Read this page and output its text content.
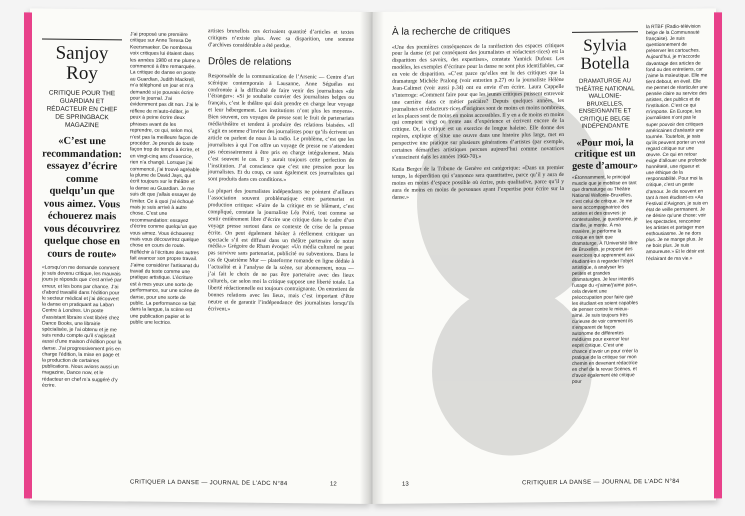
Sanjoy
Roy
CRITIQUE POUR THE GUARDIAN ET RÉDACTEUR EN CHEF DE SPRINGBACK MAGAZINE
«C’est une recommandation: essayez d’écrire comme quelqu’un que vous aimez. Vous échouerez mais vous découvrirez quelque chose en cours de route»
«Lorsqu’on me demande comment je suis devenu critique, les mauvais jours je réponds que c’est arrivé par erreur, et les bons par chance. J’ai d’abord travaillé dans l’édition pour le secteur médical et j’ai découvert la danse en pratiquant au Laban Centre à Londres. Un poste d’assistant libraire s’est libéré chez Dance Books, une librairie spécialisée, je l’ai obtenu et je me suis rendu compte qu’il s’agissait aussi d’une maison d’édition pour la danse. J’ai progressivement pris en charge l’édition, la mise en page et la production de certaines publications. Nous avions aussi un magazine, Dance now, et le rédacteur en chef m’a suggéré d’y écrire.
J’ai proposé une première critique sur Anne Teresa De Keersmaeker. De nombreux voix critiques lui étaient dans les années 1980 et me plume a commencé à être remarquée. La critique de danse en poste au Guardian, Judith Mackrell, m’a téléphoné un jour et m’a demandé si je pouvais écrire pour le journal. J’ai évidemment pas dit non. J’ai le réflexe de m’auto-éditer, je peux à peine écrire deux phrases avant de les reprendre, ce qui, selon moi, n’est pas la meilleure façon de procéder. Je prends de toute façon trop de temps à écrire, et en vingt-cinq ans d’exercice, rien n’a changé. Lorsque j’ai commencé, j’ai trouvé agréable la plume de David Jays, qui écrit toujours sur le théâtre et la danse au Guardian. Je me suis dit que j’allais essayer de l’imiter. Ce à quoi j’ai échoué mais je suis arrivé à autre chose. C’est une recommandation: essayez d’écrire comme quelqu’un que vous aimez. Vous échouerez mais vous découvrirez quelque chose en cours de route. Réfléchir à l’écriture des autres fait avancer son propre travail. J’aime considérer l’artisanat du travail du texte comme une pratique artistique. L’écriture est à mes yeux une sorte de performance, sur une scène de danse, pour une sorte de public. La performance se fait dans la langue, la scène est une publication papier et le public une lectrice.

artistes bruxellois ces écrivaient quantité d’articles et textes critiques n’existe plus. Avec sa disparition, une somme d’archives considérable a été perdue.

Drôles de relations

Responsable de la communication de l’Arsenic — Centre d’art scénique contemporain à Lausanne, Anne Séguélas est confrontée à la difficulté de faire venir des journalistes «de l’étranger»: «Si je souhaite convier des journalistes belges ou français, c’est le théâtre qui doit prendre en charge leur voyage et leur hébergement. Les institutions n’ont plus les moyens». Bien souvent, ces voyages de presse sont le fruit de partenariats média/théâtre et tendent à produire des relations biaisées. «Il s’agit en somme d’inviter des journalistes pour qu’ils écrivent un article ou parlent de nous à la radio. Le problème, c’est que les journalistes à qui l’on offre un voyage de presse ne s’attendent pas nécessairement à être pris en charge intégralement. Mais c’est souvent le cas. Il y aurait toujours cette perfection de l’institution. J’ai conscience que c’est une pression pour les journalistes. Et du coup, ce sont également ces journalistes qui sont produits dans ces conditions.»

La plupart des journalistes indépendants ne pointent d’ailleurs l’association souvent problématique entre partenariat et production critique: «Faire de la critique en se blâmant, c’est compliqué, constate la journaliste Léa Poiré, tout comme se sentir entièrement libre d’écrire une critique dans le cadre d’un voyage presse surtout dans ce contexte de crise de la presse écrite. On peut également hésiter à réellement critiquer un spectacle s’il est diffusé dans un théâtre partenaire de notre média.» Grégoire de Rham évoque: «Un média culturel ne peut pas survivre sans partenariat, publicité ou subventions. Dans le cas de Quatrième Mur — plateforme romande en ligne dédiée à l’actualité et à l’analyse de la scène, sur abonnement, nous — j’ai fait le choix de ne pas être partenaire avec des lieux culturels, car selon moi la critique suppose une liberté totale. La liberté rédactionnelle est toujours contraignante. On entretient de bonnes relations avec les lieux, mais c’est important d’être neutre et de garantir l’indépendance des journalistes lorsqu’ils écrivent.»

CRITIQUER LA DANSE — JOURNAL DE L’ADC N°84	12
À la recherche de critiques

«Une des premières conséquences de la raréfaction des espaces critiques pour la danse (et par conséquent des journalistes et rédacteurs·rices) est la disparition des savoirs, des expertises», constate Yannick Dufour. Les modèles, les exemples d’écriture pour la danse ne sont plus identifiables, car en voie de disparition. «C’est parce qu’elles ont lu des critiques que la dramaturge Michèle Pralong (voir entretien p.27) ou la journaliste Hélène Jean-Calimet (voir aussi p.34) ont eu envie d’en écrire. Laura Cappelle s’interroge: «Comment faire pour que les jeunes critiques puissent entrevoir une carrière dans ce métier précaire? Depuis quelques années, les journalistes et rédacteurs·rices d’origines sont de moins en moins nombreux et les places sont de moins en moins accessibles. Il y en a de moins en moins qui comptent vingt ou trente ans d’expérience et écrivent encore de la critique. Or, la critique est un exercice de longue haleine. Elle donne des repères, explique et situe une œuvre dans une histoire plus large, met en perspective une pratique sur plusieurs générations d’artistes (par exemple, certaines démarches artistiques percues aujourd’hui comme novatrices s’enracinent dans les années 1960-70).»

Katia Berger de la Tribune de Genève est catégorique: «Dans un premier temps, la déperdition qui s’annonce sera quantitative, parce qu’il y aura de moins en moins d’espace possible où écrire, puis qualitative, parce qu’il y aura de moins en moins de personnes ayant l’expertise pour écrire sur la danse.»

Sylvia
Botella
DRAMATURGE AU THÉÂTRE NATIONAL WALLONIE-BRUXELLES, ENSEIGNANTE ET CRITIQUE BELGE INDÉPENDANTE
«Pour moi, la critique est un geste d’amour»
«Étonnamment, le principal muscle que je mobilise en tant que dramaturge au Théâtre National Wallonie-Bruxelles, c’est celui de critique. Je me sens accompagnatrice des artistes et des œuvres: je contextualise, je questionne, je clarifie, je monte. À ma manière, je performe la critique en tant que dramaturge. À l’Université libre de Bruxelles, je propose des exercices qui apprennent aux étudiant·es à regarder l’objet artistique, à analyser les petites et grandes dramaturgies. Je leur interdis l’usage du «j’aime/j’aime pas», cela devient une préoccupation pour faire que les étudiant·es soient capables de penser contre le mieux-aimé. Je suis toujours très curieuse de voir comment ils s’emparent de façon autonome de différentes médiums pour exercer leur esprit critique. C’est une chance d’avoir un pour créer la pratique de la critique sur mon chemin en devenant rédactrice en chef de la revue Scènes, et d’avoir également été critique pour
la RTBF (Radio-télévision belge de la Communauté française). Je suis questionnement de préserver les cartouches. Aujourd’hui, je m’accorde davantage des articles de fond ou des entretiens, car j’aime la maïeutique. Elle me tient debout, en éveil. Elle me permet de réarticuler une pensée claire au service des artistes, des publics et de l’institution. C’est ce qui m’importe. En Europe, les journalistes n’ont pas le super pouvoir des critiques américaines d’anéantir une tournée. Toutefois, je sais qu’ils peuvent porter un vrai regard critique sur une œuvre. Ce qui en retour exige d’allouer une profonde honnêteté, une rigueur et une éthique de la responsabilité. Pour moi la critique, c’est un geste d’amour. Je dis souvent en tant à mes étudiant·es «Au Festival d’Avignon, je suis en état de veille permanent. Je ne désire qu’une chose: voir les spectacles, rencontrer les artistes et partager mon enthousiasme. Je ne dors plus. Je ne mange plus. Je ne bois plus. Je suis amoureuse.» Et le désir est l’éclairant de ma vie.»
13	CRITIQUER LA DANSE — JOURNAL DE L’ADC N°84
